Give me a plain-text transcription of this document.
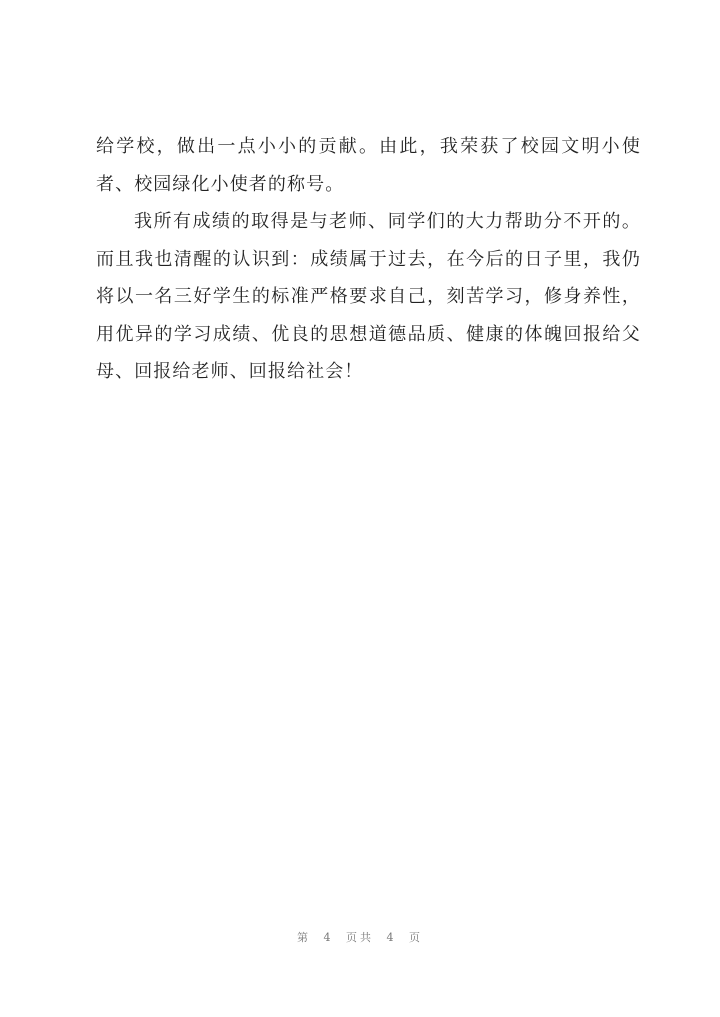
给学校，做出一点小小的贡献。由此，我荣获了校园文明小使者、校园绿化小使者的称号。

我所有成绩的取得是与老师、同学们的大力帮助分不开的。而且我也清醒的认识到：成绩属于过去，在今后的日子里，我仍将以一名三好学生的标准严格要求自己，刻苦学习，修身养性，用优异的学习成绩、优良的思想道德品质、健康的体魄回报给父母、回报给老师、回报给社会！

第 4 页共 4 页
